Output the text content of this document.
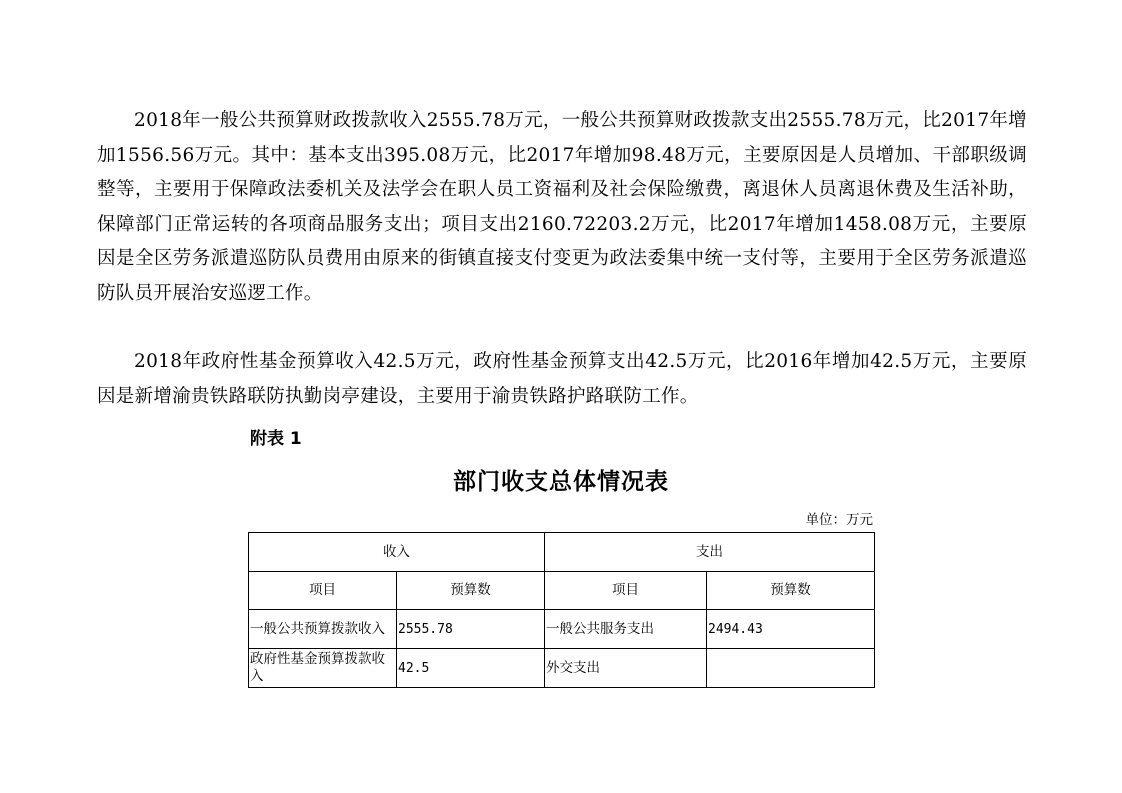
2018年一般公共预算财政拨款收入2555.78万元，一般公共预算财政拨款支出2555.78万元，比2017年增加1556.56万元。其中：基本支出395.08万元，比2017年增加98.48万元，主要原因是人员增加、干部职级调整等，主要用于保障政法委机关及法学会在职人员工资福利及社会保险缴费，离退休人员离退休费及生活补助，保障部门正常运转的各项商品服务支出；项目支出2160.72203.2万元，比2017年增加1458.08万元，主要原因是全区劳务派遣巡防队员费用由原来的街镇直接支付变更为政法委集中统一支付等，主要用于全区劳务派遣巡防队员开展治安巡逻工作。

2018年政府性基金预算收入42.5万元，政府性基金预算支出42.5万元，比2016年增加42.5万元，主要原因是新增渝贵铁路联防执勤岗亭建设，主要用于渝贵铁路护路联防工作。

附表 1
部门收支总体情况表
单位：万元
收入		支出	
项目	预算数	项目	预算数
一般公共预算拨款收入	2555.78	一般公共服务支出	2494.43
政府性基金预算拨款收入	42.5	外交支出	
